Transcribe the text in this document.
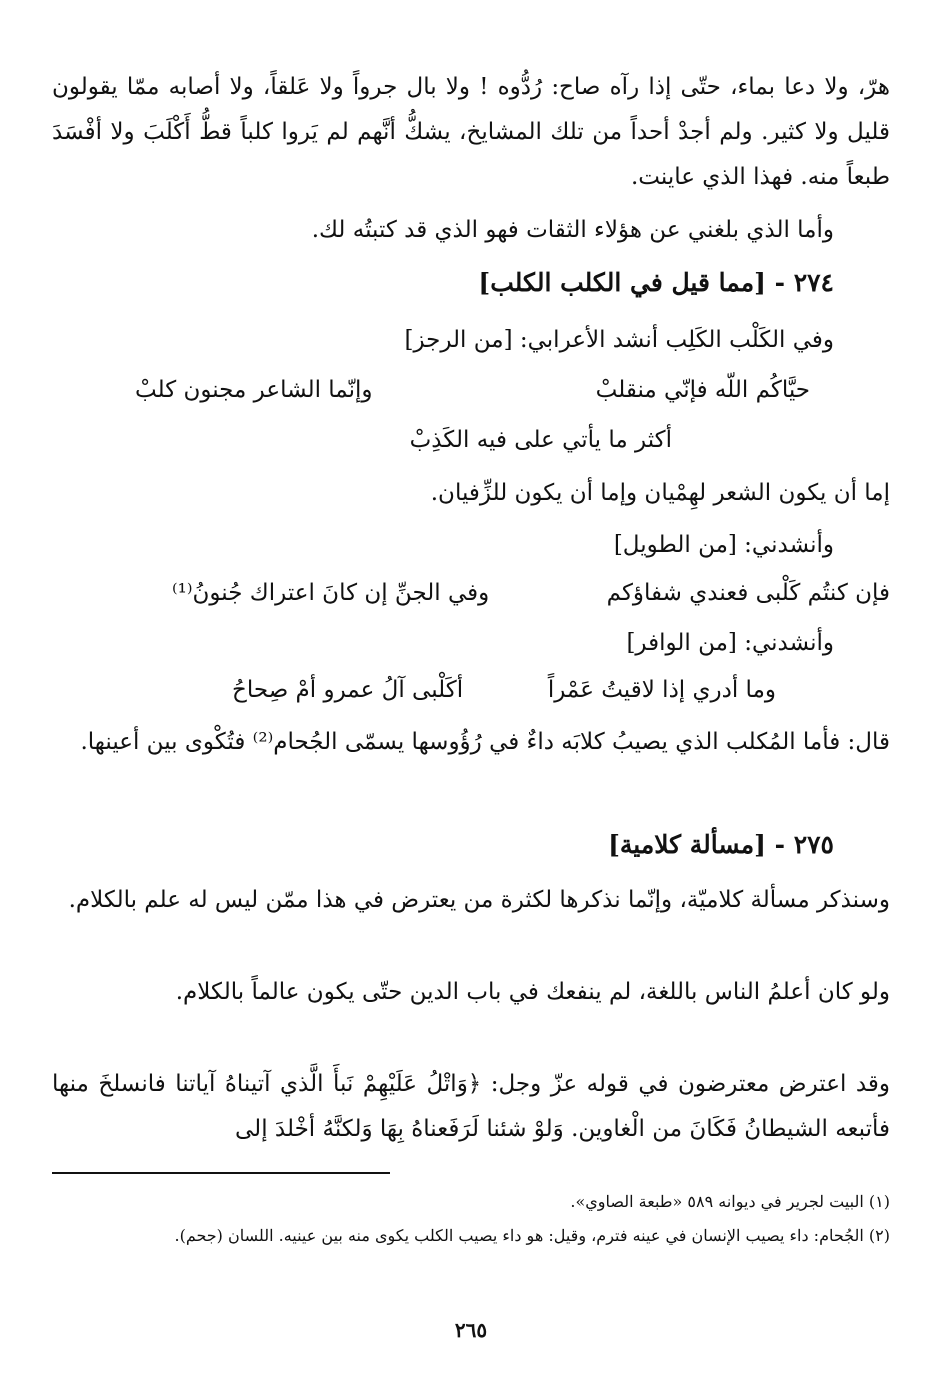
هرّ، ولا دعا بماء، حتّى إذا رآه صاح: رُدُّوه ! ولا بال جرواً ولا عَلقاً، ولا أصابه ممّا يقولون قليل ولا كثير. ولم أجدْ أحداً من تلك المشايخ، يشكُّ أنَّهم لم يَروا كلباً قطُّ أَكْلَبَ ولا أفْسَدَ طبعاً منه. فهذا الذي عاينت.
وأما الذي بلغني عن هؤلاء الثقات فهو الذي قد كتبتُه لك.
٢٧٤ - [مما قيل في الكلب الكلب]
وفي الكَلْب الكَلِب أنشد الأعرابي: [من الرجز]
حيَّاكُم اللّه فإنّي منقلبْ
وإنّما الشاعر مجنون كلبْ
أكثر ما يأتي على فيه الكَذِبْ
إما أن يكون الشعر لهِمْيان وإما أن يكون للزِّفيان.
وأنشدني: [من الطويل]
فإن كنتُم كَلْبى فعندي شفاؤكم
وفي الجنِّ إن كانَ اعتراك جُنونُ⁽¹⁾
وأنشدني: [من الوافر]
وما أدري إذا لاقيتُ عَمْراً
أكَلْبى آلُ عمرو أمْ صِحاحُ
قال: فأما المُكلب الذي يصيبُ كلابَه داءٌ في رُؤُوسها يسمّى الجُحام⁽²⁾ فتُكْوى بين أعينها.
٢٧٥ - [مسألة كلامية]
وسنذكر مسألة كلاميّة، وإنّما نذكرها لكثرة من يعترض في هذا ممّن ليس له علم بالكلام.
ولو كان أعلمُ الناس باللغة، لم ينفعك في باب الدين حتّى يكون عالماً بالكلام.
وقد اعترض معترضون في قوله عزّ وجل: ﴿وَاتْلُ عَلَيْهِمْ نَبأَ الَّذي آتيناهُ آياتنا فانسلخَ منها فأتبعه الشيطانُ فَكَانَ من الْغاوين. وَلوْ شئنا لَرَفَعناهُ بِهَا وَلكنَّهُ أخْلدَ إلى
(١) البيت لجرير في ديوانه ٥٨٩ «طبعة الصاوي».
(٢) الجُحام: داء يصيب الإنسان في عينه فترم، وقيل: هو داء يصيب الكلب يكوى منه بين عينيه. اللسان (جحم).
٢٦٥
